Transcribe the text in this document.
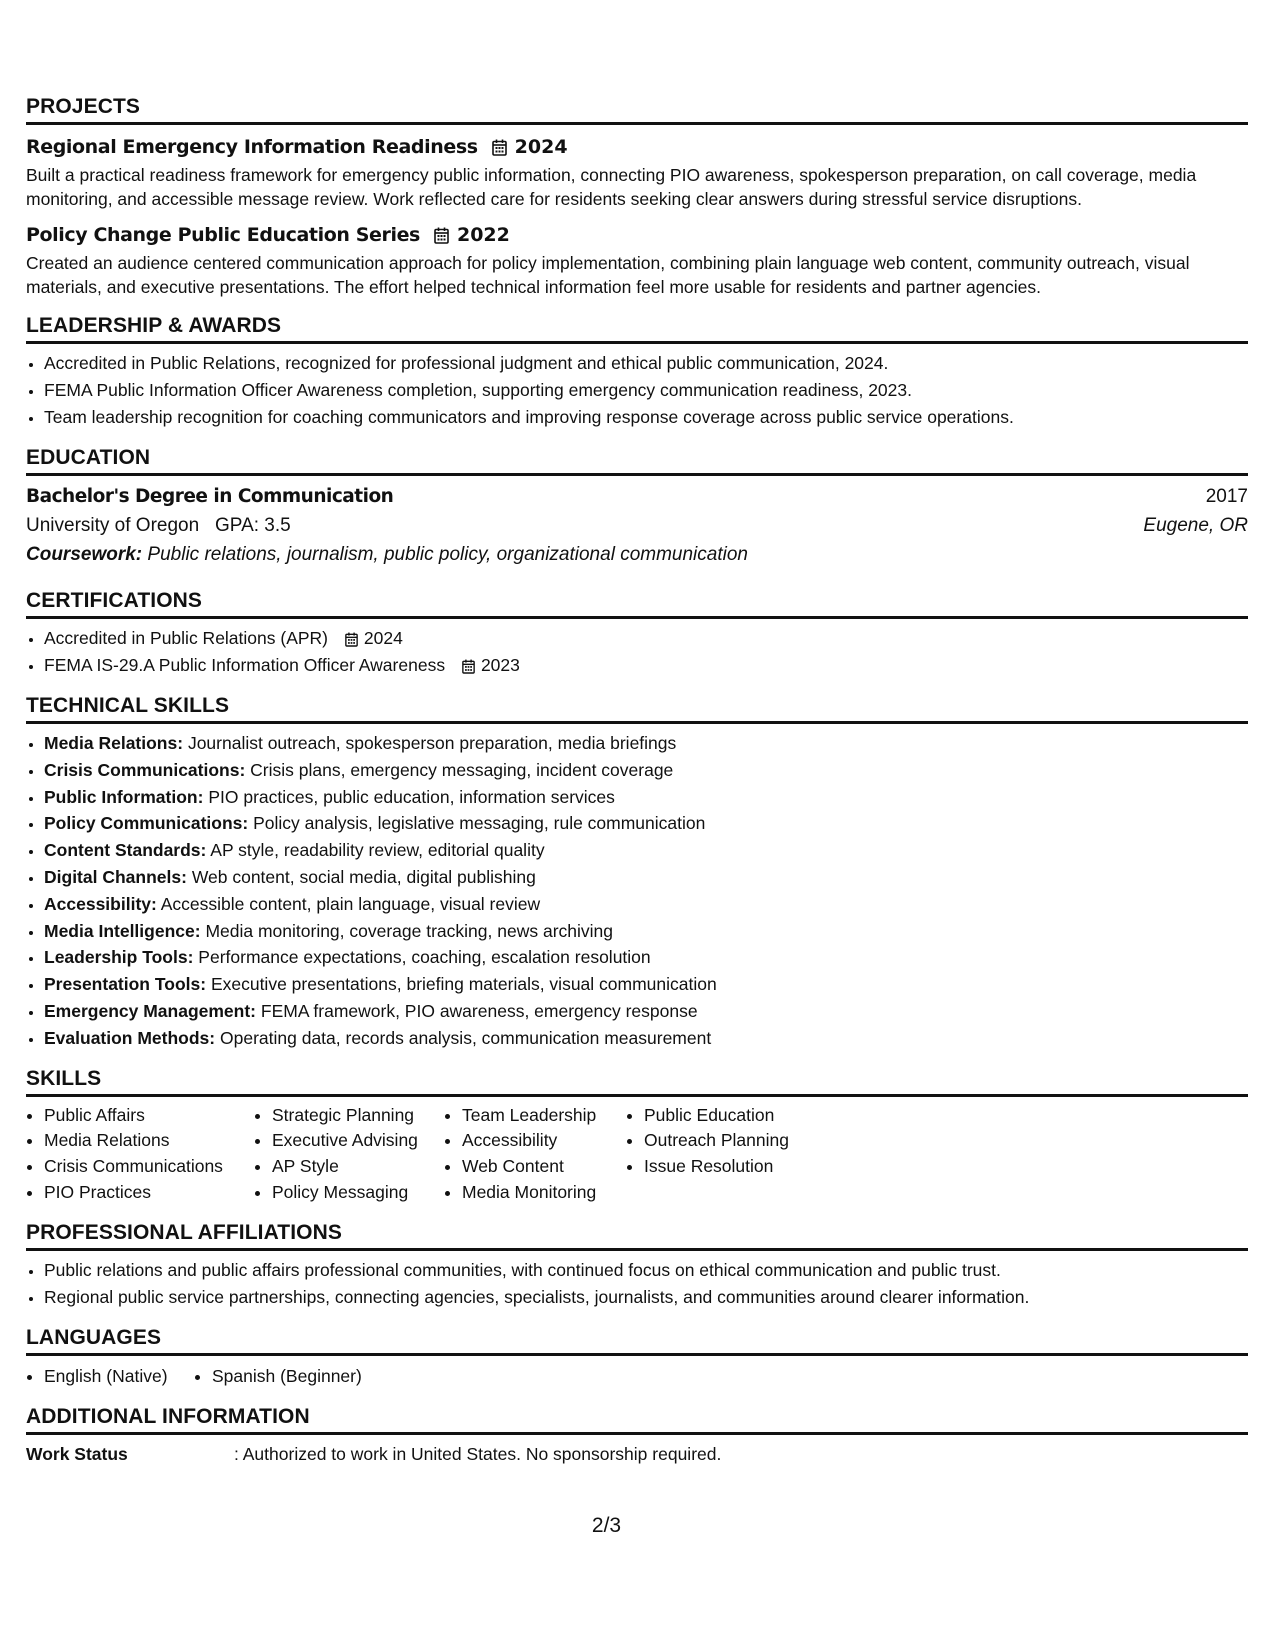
PROJECTS
Regional Emergency Information Readiness 2024
Built a practical readiness framework for emergency public information, connecting PIO awareness, spokesperson preparation, on call coverage, media monitoring, and accessible message review. Work reflected care for residents seeking clear answers during stressful service disruptions.
Policy Change Public Education Series 2022
Created an audience centered communication approach for policy implementation, combining plain language web content, community outreach, visual materials, and executive presentations. The effort helped technical information feel more usable for residents and partner agencies.
LEADERSHIP & AWARDS
• Accredited in Public Relations, recognized for professional judgment and ethical public communication, 2024.
• FEMA Public Information Officer Awareness completion, supporting emergency communication readiness, 2023.
• Team leadership recognition for coaching communicators and improving response coverage across public service operations.
EDUCATION
Bachelor's Degree in Communication	2017
University of Oregon GPA: 3.5	Eugene, OR
Coursework: Public relations, journalism, public policy, organizational communication
CERTIFICATIONS
• Accredited in Public Relations (APR) 2024
• FEMA IS-29.A Public Information Officer Awareness 2023
TECHNICAL SKILLS
• Media Relations: Journalist outreach, spokesperson preparation, media briefings
• Crisis Communications: Crisis plans, emergency messaging, incident coverage
• Public Information: PIO practices, public education, information services
• Policy Communications: Policy analysis, legislative messaging, rule communication
• Content Standards: AP style, readability review, editorial quality
• Digital Channels: Web content, social media, digital publishing
• Accessibility: Accessible content, plain language, visual review
• Media Intelligence: Media monitoring, coverage tracking, news archiving
• Leadership Tools: Performance expectations, coaching, escalation resolution
• Presentation Tools: Executive presentations, briefing materials, visual communication
• Emergency Management: FEMA framework, PIO awareness, emergency response
• Evaluation Methods: Operating data, records analysis, communication measurement
SKILLS
• Public Affairs
• Media Relations
• Crisis Communications
• PIO Practices
• Strategic Planning
• Executive Advising
• AP Style
• Policy Messaging
• Team Leadership
• Accessibility
• Web Content
• Media Monitoring
• Public Education
• Outreach Planning
• Issue Resolution
PROFESSIONAL AFFILIATIONS
• Public relations and public affairs professional communities, with continued focus on ethical communication and public trust.
• Regional public service partnerships, connecting agencies, specialists, journalists, and communities around clearer information.
LANGUAGES
• English (Native)
•	Spanish (Beginner)
ADDITIONAL INFORMATION
Work Status	: Authorized to work in United States. No sponsorship required.
2/3
